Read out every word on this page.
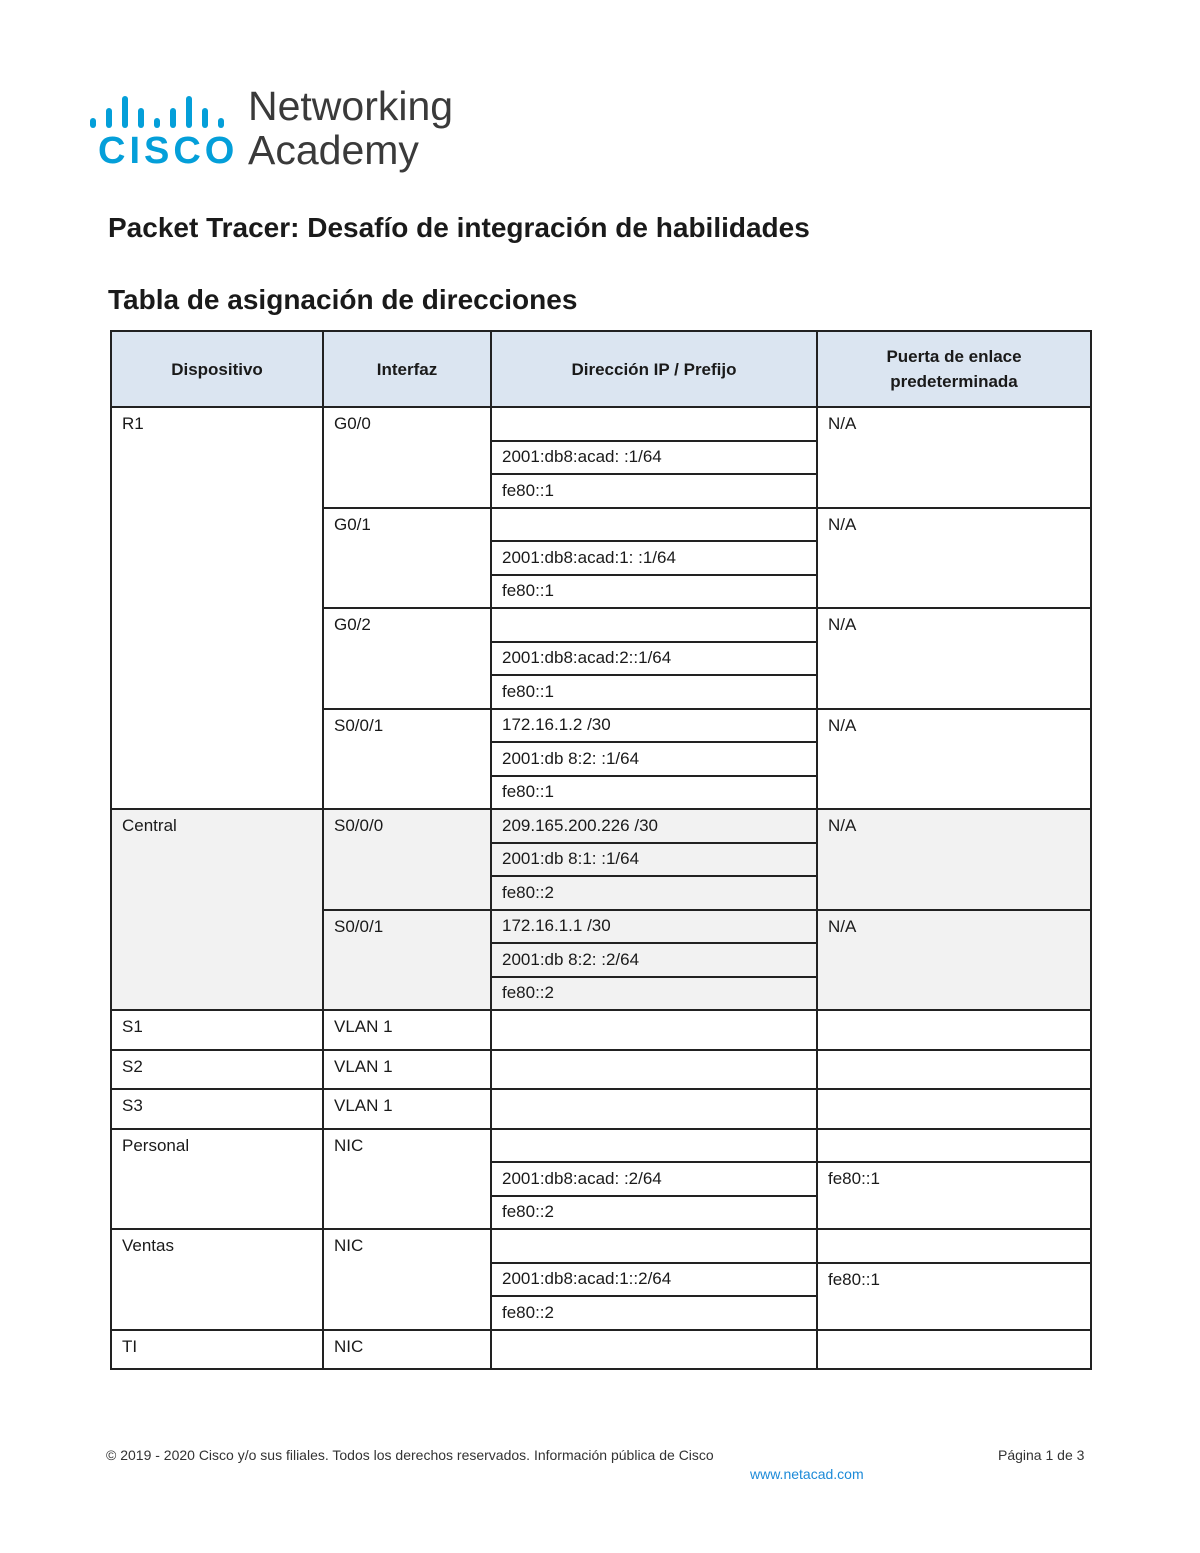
CISCO
Networking
Academy
Packet Tracer: Desafío de integración de habilidades
Tabla de asignación de direcciones
Dispositivo	Interfaz	Dirección IP / Prefijo	Puerta de enlace predeterminada
R1	G0/0		N/A
		2001:db8:acad: :1/64	
		fe80::1	
	G0/1		N/A
		2001:db8:acad:1: :1/64	
		fe80::1	
	G0/2		N/A
		2001:db8:acad:2::1/64	
		fe80::1	
	S0/0/1	172.16.1.2 /30	N/A
		2001:db 8:2: :1/64	
		fe80::1	
Central	S0/0/0	209.165.200.226 /30	N/A
		2001:db 8:1: :1/64	
		fe80::2	
	S0/0/1	172.16.1.1 /30	N/A
		2001:db 8:2: :2/64	
		fe80::2	
S1	VLAN 1		
S2	VLAN 1		
S3	VLAN 1		
Personal	NIC		
		2001:db8:acad: :2/64	fe80::1
		fe80::2	
Ventas	NIC		
		2001:db8:acad:1::2/64	fe80::1
		fe80::2	
TI	NIC		
© 2019 - 2020 Cisco y/o sus filiales. Todos los derechos reservados. Información pública de Cisco	Página 1 de 3
www.netacad.com
